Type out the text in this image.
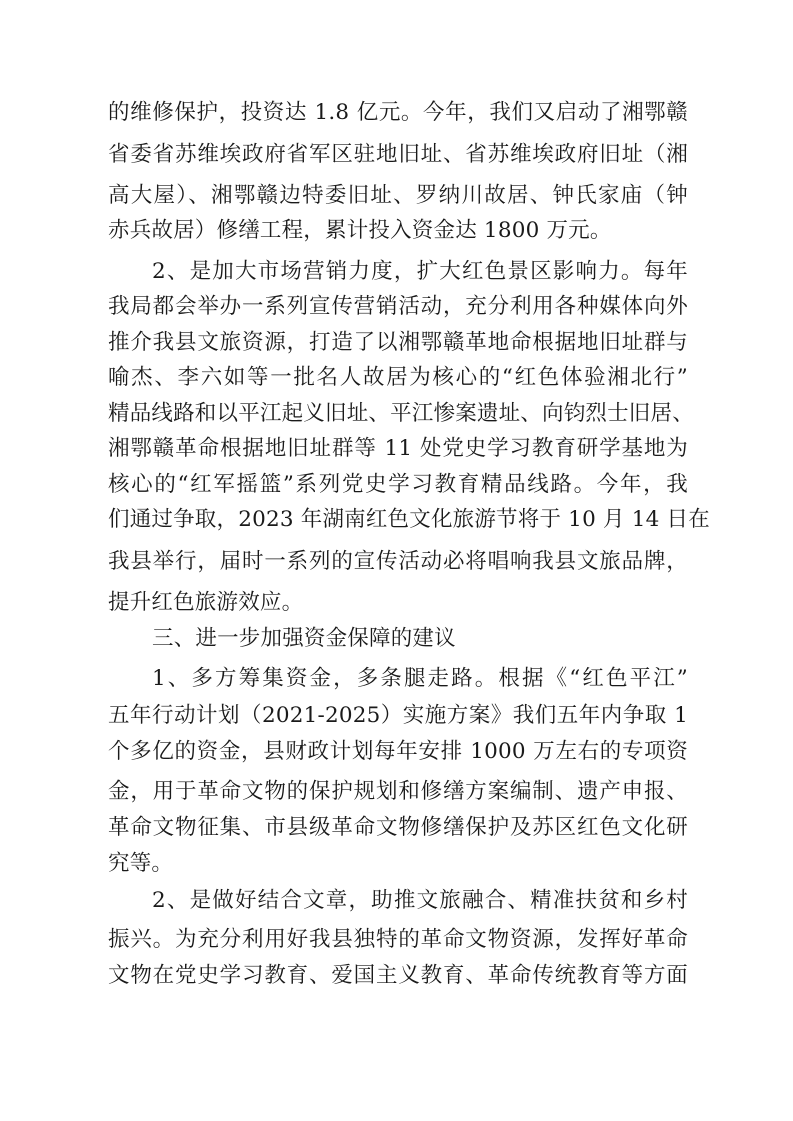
的维修保护，投资达 1.8 亿元。今年，我们又启动了湘鄂赣
省委省苏维埃政府省军区驻地旧址、省苏维埃政府旧址（湘
高大屋）、湘鄂赣边特委旧址、罗纳川故居、钟氏家庙（钟
赤兵故居）修缮工程，累计投入资金达 1800 万元。
2、是加大市场营销力度，扩大红色景区影响力。每年
我局都会举办一系列宣传营销活动，充分利用各种媒体向外
推介我县文旅资源，打造了以湘鄂赣革地命根据地旧址群与
喻杰、李六如等一批名人故居为核心的“红色体验湘北行”
精品线路和以平江起义旧址、平江惨案遗址、向钧烈士旧居、
湘鄂赣革命根据地旧址群等 11 处党史学习教育研学基地为
核心的“红军摇篮”系列党史学习教育精品线路。今年，我
们通过争取，2023 年湖南红色文化旅游节将于 10 月 14 日在
我县举行，届时一系列的宣传活动必将唱响我县文旅品牌，
提升红色旅游效应。
三、进一步加强资金保障的建议
1、多方筹集资金，多条腿走路。根据《“红色平江”
五年行动计划（2021-2025）实施方案》我们五年内争取 1
个多亿的资金，县财政计划每年安排 1000 万左右的专项资
金，用于革命文物的保护规划和修缮方案编制、遗产申报、
革命文物征集、市县级革命文物修缮保护及苏区红色文化研
究等。
2、是做好结合文章，助推文旅融合、精准扶贫和乡村
振兴。为充分利用好我县独特的革命文物资源，发挥好革命
文物在党史学习教育、爱国主义教育、革命传统教育等方面
